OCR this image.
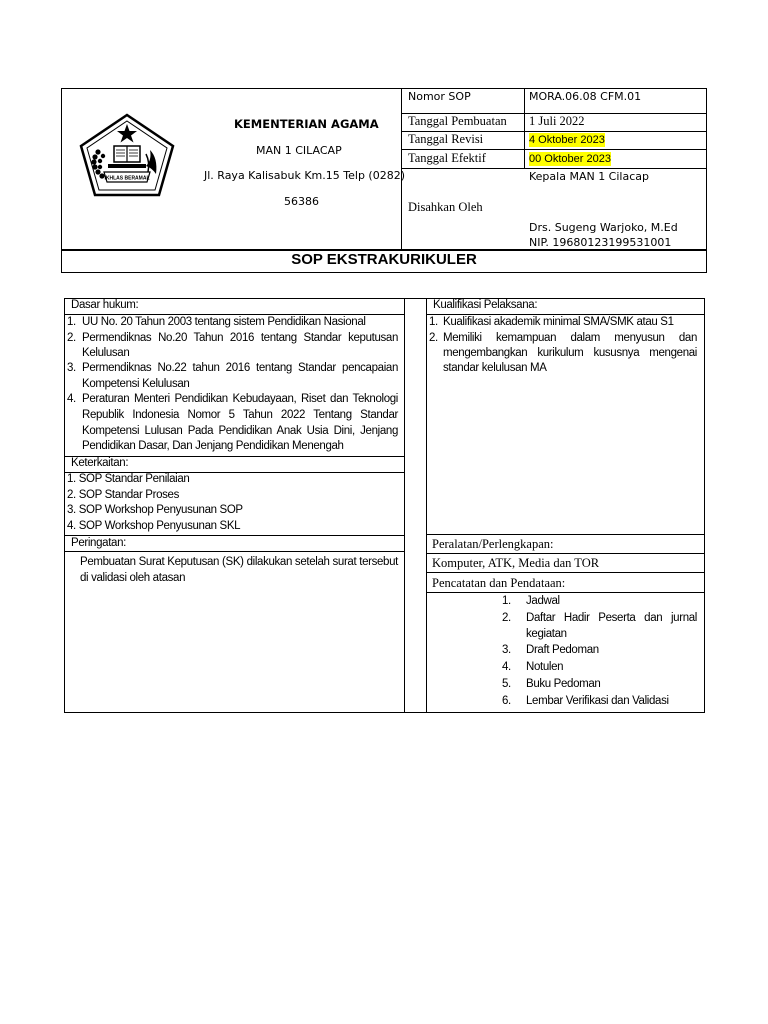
IKHLAS BERAMAL
KEMENTERIAN AGAMA
MAN 1 CILACAP
Jl. Raya Kalisabuk Km.15 Telp (0282)
56386
Nomor SOP	MORA.06.08 CFM.01
Tanggal Pembuatan 1 Juli 2022
Tanggal Revisi	4 Oktober 2023
Tanggal Efektif	00 Oktober 2023
Disahkan Oleh
Kepala MAN 1 Cilacap
Drs. Sugeng Warjoko, M.Ed
NIP. 19680123199531001
SOP EKSTRAKURIKULER
Dasar hukum:
1. UU No. 20 Tahun 2003 tentang sistem Pendidikan Nasional
2. Permendiknas No.20 Tahun 2016 tentang Standar keputusan
Kelulusan
3. Permendiknas No.22 tahun 2016 tentang Standar pencapaian
Kompetensi Kelulusan
4. Peraturan Menteri Pendidikan Kebudayaan, Riset dan Teknologi
Republik Indonesia Nomor 5 Tahun 2022 Tentang Standar
Kompetensi Lulusan Pada Pendidikan Anak Usia Dini, Jenjang
Pendidikan Dasar, Dan Jenjang Pendidikan Menengah
Keterkaitan:
1. SOP Standar Penilaian
2. SOP Standar Proses
3. SOP Workshop Penyusunan SOP
4. SOP Workshop Penyusunan SKL
Peringatan:
Pembuatan Surat Keputusan (SK) dilakukan setelah surat tersebut
di validasi oleh atasan
Kualifikasi Pelaksana:
1. Kualifikasi akademik minimal SMA/SMK atau S1
2. Memiliki kemampuan dalam menyusun dan
mengembangkan kurikulum kususnya mengenai
standar kelulusan MA
Peralatan/Perlengkapan:
Komputer, ATK, Media dan TOR
Pencatatan dan Pendataan:
1. Jadwal
2. Daftar Hadir Peserta dan jurnal
kegiatan
3. Draft Pedoman
4. Notulen
5. Buku Pedoman
6. Lembar Verifikasi dan Validasi
